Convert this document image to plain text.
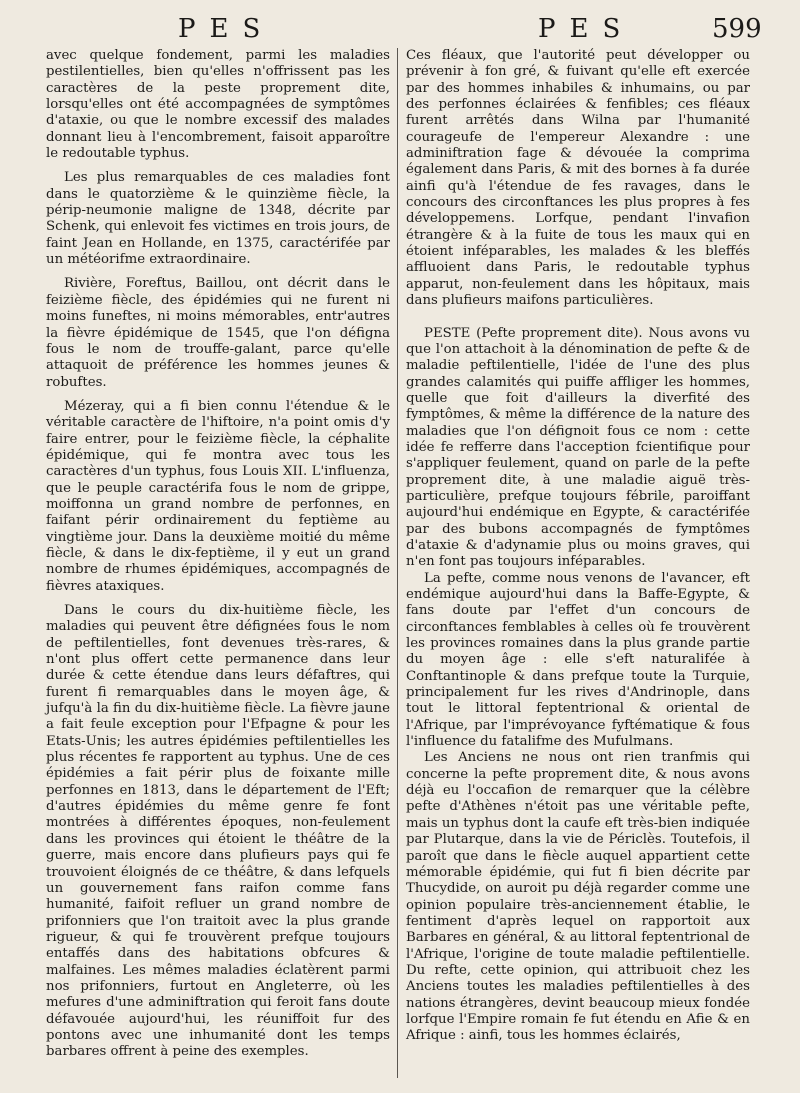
PES	PES	599

avec quelque fondement, parmi les maladies pestilentielles, bien qu'elles n'offrissent pas les caractères de la peste proprement dite, lorsqu'elles ont été accompagnées de symptômes d'ataxie, ou que le nombre excessif des malades donnant lieu à l'encombrement, faisoit apparoître le redoutable typhus.

Les plus remarquables de ces maladies font dans le quatorzième & le quinzième fiècle, la périp-neumonie maligne de 1348, décrite par Schenk, qui enlevoit fes victimes en trois jours, de faint Jean en Hollande, en 1375, caractérifée par un météorifme extraordinaire.

Rivière, Foreftus, Baillou, ont décrit dans le feizième fiècle, des épidémies qui ne furent ni moins funeftes, ni moins mémorables, entr'autres la fièvre épidémique de 1545, que l'on défigna fous le nom de trouffe-galant, parce qu'elle attaquoit de préférence les hommes jeunes & robuftes.

Mézeray, qui a fi bien connu l'étendue & le véritable caractère de l'hiftoire, n'a point omis d'y faire entrer, pour le feizième fiècle, la céphalite épidémique, qui fe montra avec tous les caractères d'un typhus, fous Louis XII. L'influenza, que le peuple caractérifa fous le nom de grippe, moiffonna un grand nombre de perfonnes, en faifant périr ordinairement du feptième au vingtième jour. Dans la deuxième moitié du même fiècle, & dans le dix-feptième, il y eut un grand nombre de rhumes épidémiques, accompagnés de fièvres ataxiques.

Dans le cours du dix-huitième fiècle, les maladies qui peuvent être défignées fous le nom de peftilentielles, font devenues très-rares, & n'ont plus offert cette permanence dans leur durée & cette étendue dans leurs défaftres, qui furent fi remarquables dans le moyen âge, & jufqu'à la fin du dix-huitième fiècle. La fièvre jaune a fait feule exception pour l'Efpagne & pour les Etats-Unis; les autres épidémies peftilentielles les plus récentes fe rapportent au typhus. Une de ces épidémies a fait périr plus de foixante mille perfonnes en 1813, dans le département de l'Eft; d'autres épidémies du même genre fe font montrées à différentes époques, non-feulement dans les provinces qui étoient le théâtre de la guerre, mais encore dans plufieurs pays qui fe trouvoient éloignés de ce théâtre, & dans lefquels un gouvernement fans raifon comme fans humanité, faifoit refluer un grand nombre de prifonniers que l'on traitoit avec la plus grande rigueur, & qui fe trouvèrent prefque toujours entaffés dans des habitations obfcures & malfaines. Les mêmes maladies éclatèrent parmi nos prifonniers, furtout en Angleterre, où les mefures d'une adminiftration qui feroit fans doute défavouée aujourd'hui, les réuniffoit fur des pontons avec une inhumanité dont les temps barbares offrent à peine des exemples.

Ces fléaux, que l'autorité peut développer ou prévenir à fon gré, & fuivant qu'elle eft exercée par des hommes inhabiles & inhumains, ou par des perfonnes éclairées & fenfibles; ces fléaux furent arrêtés dans Wilna par l'humanité courageufe de l'empereur Alexandre : une adminiftration fage & dévouée la comprima également dans Paris, & mit des bornes à fa durée ainfi qu'à l'étendue de fes ravages, dans le concours des circonftances les plus propres à fes développemens. Lorfque, pendant l'invafion étrangère & à la fuite de tous les maux qui en étoient inféparables, les malades & les bleffés affluoient dans Paris, le redoutable typhus apparut, non-feulement dans les hôpitaux, mais dans plufieurs maifons particulières.

PESTE (Pefte proprement dite). Nous avons vu que l'on attachoit à la dénomination de pefte & de maladie peftilentielle, l'idée de l'une des plus grandes calamités qui puiffe affliger les hommes, quelle que foit d'ailleurs la diverfité des fymptômes, & même la différence de la nature des maladies que l'on défignoit fous ce nom : cette idée fe refferre dans l'acception fcientifique pour s'appliquer feulement, quand on parle de la pefte proprement dite, à une maladie aiguë très-particulière, prefque toujours fébrile, paroiffant aujourd'hui endémique en Egypte, & caractérifée par des bubons accompagnés de fymptômes d'ataxie & d'adynamie plus ou moins graves, qui n'en font pas toujours inféparables.

La pefte, comme nous venons de l'avancer, eft endémique aujourd'hui dans la Baffe-Egypte, & fans doute par l'effet d'un concours de circonftances femblables à celles où fe trouvèrent les provinces romaines dans la plus grande partie du moyen âge : elle s'eft naturalifée à Conftantinople & dans prefque toute la Turquie, principalement fur les rives d'Andrinople, dans tout le littoral feptentrional & oriental de l'Afrique, par l'imprévoyance fyftématique & fous l'influence du fatalifme des Mufulmans.

Les Anciens ne nous ont rien tranfmis qui concerne la pefte proprement dite, & nous avons déjà eu l'occafion de remarquer que la célèbre pefte d'Athènes n'étoit pas une véritable pefte, mais un typhus dont la caufe eft très-bien indiquée par Plutarque, dans la vie de Périclès. Toutefois, il paroît que dans le fiècle auquel appartient cette mémorable épidémie, qui fut fi bien décrite par Thucydide, on auroit pu déjà regarder comme une opinion populaire très-anciennement établie, le fentiment d'après lequel on rapportoit aux Barbares en général, & au littoral feptentrional de l'Afrique, l'origine de toute maladie peftilentielle. Du refte, cette opinion, qui attribuoit chez les Anciens toutes les maladies peftilentielles à des nations étrangères, devint beaucoup mieux fondée lorfque l'Empire romain fe fut étendu en Afie & en Afrique : ainfi, tous les hommes éclairés,
